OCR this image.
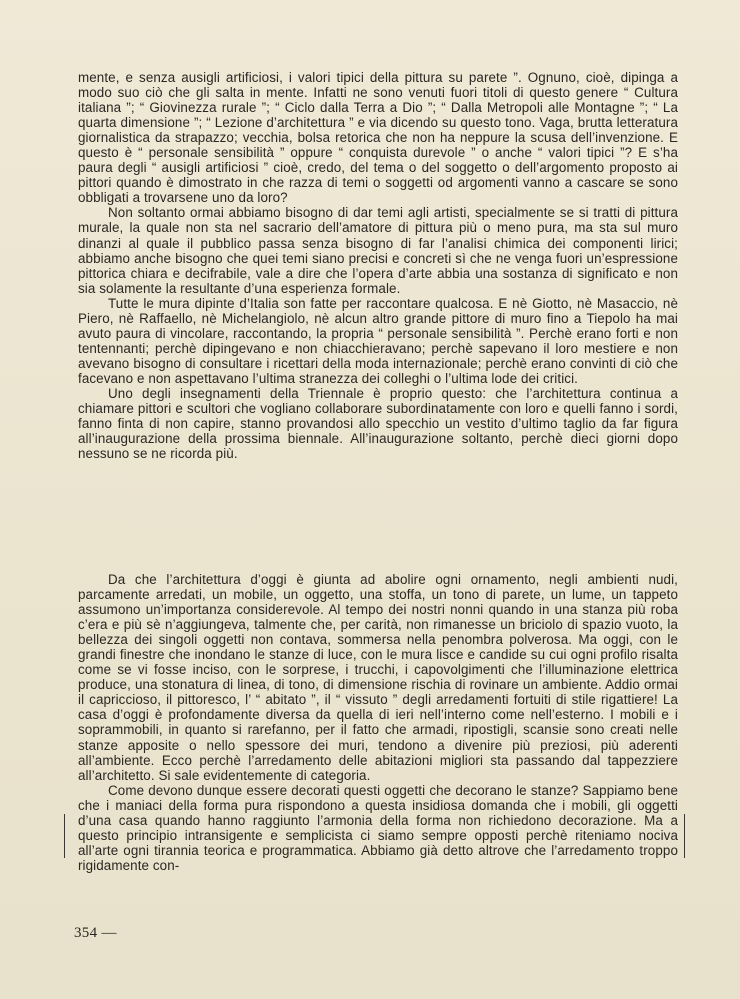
mente, e senza ausigli artificiosi, i valori tipici della pittura su parete ”. Ognuno, cioè, dipinga a modo suo ciò che gli salta in mente. Infatti ne sono venuti fuori titoli di questo genere “ Cultura italiana ”; “ Giovinezza rurale ”; “ Ciclo dalla Terra a Dio ”; “ Dalla Metropoli alle Montagne ”; “ La quarta dimensione ”; “ Lezione d’architettura ” e via dicendo su questo tono. Vaga, brutta letteratura giornalistica da strapazzo; vecchia, bolsa retorica che non ha neppure la scusa dell’invenzione. E questo è “ personale sensibilità ” oppure “ conquista durevole ” o anche “ valori tipici ”? E s’ha paura degli “ ausigli artificiosi ” cioè, credo, del tema o del soggetto o dell’argomento proposto ai pittori quando è dimostrato in che razza di temi o soggetti od argomenti vanno a cascare se sono obbligati a trovarsene uno da loro?

Non soltanto ormai abbiamo bisogno di dar temi agli artisti, specialmente se si tratti di pittura murale, la quale non sta nel sacrario dell’amatore di pittura più o meno pura, ma sta sul muro dinanzi al quale il pubblico passa senza bisogno di far l’analisi chimica dei componenti lirici; abbiamo anche bisogno che quei temi siano precisi e concreti sì che ne venga fuori un’espressione pittorica chiara e decifrabile, vale a dire che l’opera d’arte abbia una sostanza di significato e non sia solamente la resultante d’una esperienza formale.

Tutte le mura dipinte d’Italia son fatte per raccontare qualcosa. E nè Giotto, nè Masaccio, nè Piero, nè Raffaello, nè Michelangiolo, nè alcun altro grande pittore di muro fino a Tiepolo ha mai avuto paura di vincolare, raccontando, la propria “ personale sensibilità ”. Perchè erano forti e non tentennanti; perchè dipingevano e non chiacchieravano; perchè sapevano il loro mestiere e non avevano bisogno di consultare i ricettari della moda internazionale; perchè erano convinti di ciò che facevano e non aspettavano l’ultima stranezza dei colleghi o l’ultima lode dei critici.

Uno degli insegnamenti della Triennale è proprio questo: che l’architettura continua a chiamare pittori e scultori che vogliano collaborare subordinatamente con loro e quelli fanno i sordi, fanno finta di non capire, stanno provandosi allo specchio un vestito d’ultimo taglio da far figura all’inaugurazione della prossima biennale. All’inaugurazione soltanto, perchè dieci giorni dopo nessuno se ne ricorda più.

Da che l’architettura d’oggi è giunta ad abolire ogni ornamento, negli ambienti nudi, parcamente arredati, un mobile, un oggetto, una stoffa, un tono di parete, un lume, un tappeto assumono un’importanza considerevole. Al tempo dei nostri nonni quando in una stanza più roba c’era e più sè n’aggiungeva, talmente che, per carità, non rimanesse un briciolo di spazio vuoto, la bellezza dei singoli oggetti non contava, sommersa nella penombra polverosa. Ma oggi, con le grandi finestre che inondano le stanze di luce, con le mura lisce e candide su cui ogni profilo risalta come se vi fosse inciso, con le sorprese, i trucchi, i capovolgimenti che l’illuminazione elettrica produce, una stonatura di linea, di tono, di dimensione rischia di rovinare un ambiente. Addio ormai il capriccioso, il pittoresco, l’ “ abitato ”, il “ vissuto ” degli arredamenti fortuiti di stile rigattiere! La casa d’oggi è profondamente diversa da quella di ieri nell’interno come nell’esterno. I mobili e i soprammobili, in quanto si rarefanno, per il fatto che armadi, ripostigli, scansie sono creati nelle stanze apposite o nello spessore dei muri, tendono a divenire più preziosi, più aderenti all’ambiente. Ecco perchè l’arredamento delle abitazioni migliori sta passando dal tappezziere all’architetto. Si sale evidentemente di categoria.

Come devono dunque essere decorati questi oggetti che decorano le stanze? Sappiamo bene che i maniaci della forma pura rispondono a questa insidiosa domanda che i mobili, gli oggetti d’una casa quando hanno raggiunto l’armonia della forma non richiedono decorazione. Ma a questo principio intransigente e semplicista ci siamo sempre opposti perchè riteniamo nociva all’arte ogni tirannia teorica e programmatica. Abbiamo già detto altrove che l’arredamento troppo rigidamente con-

354 —
